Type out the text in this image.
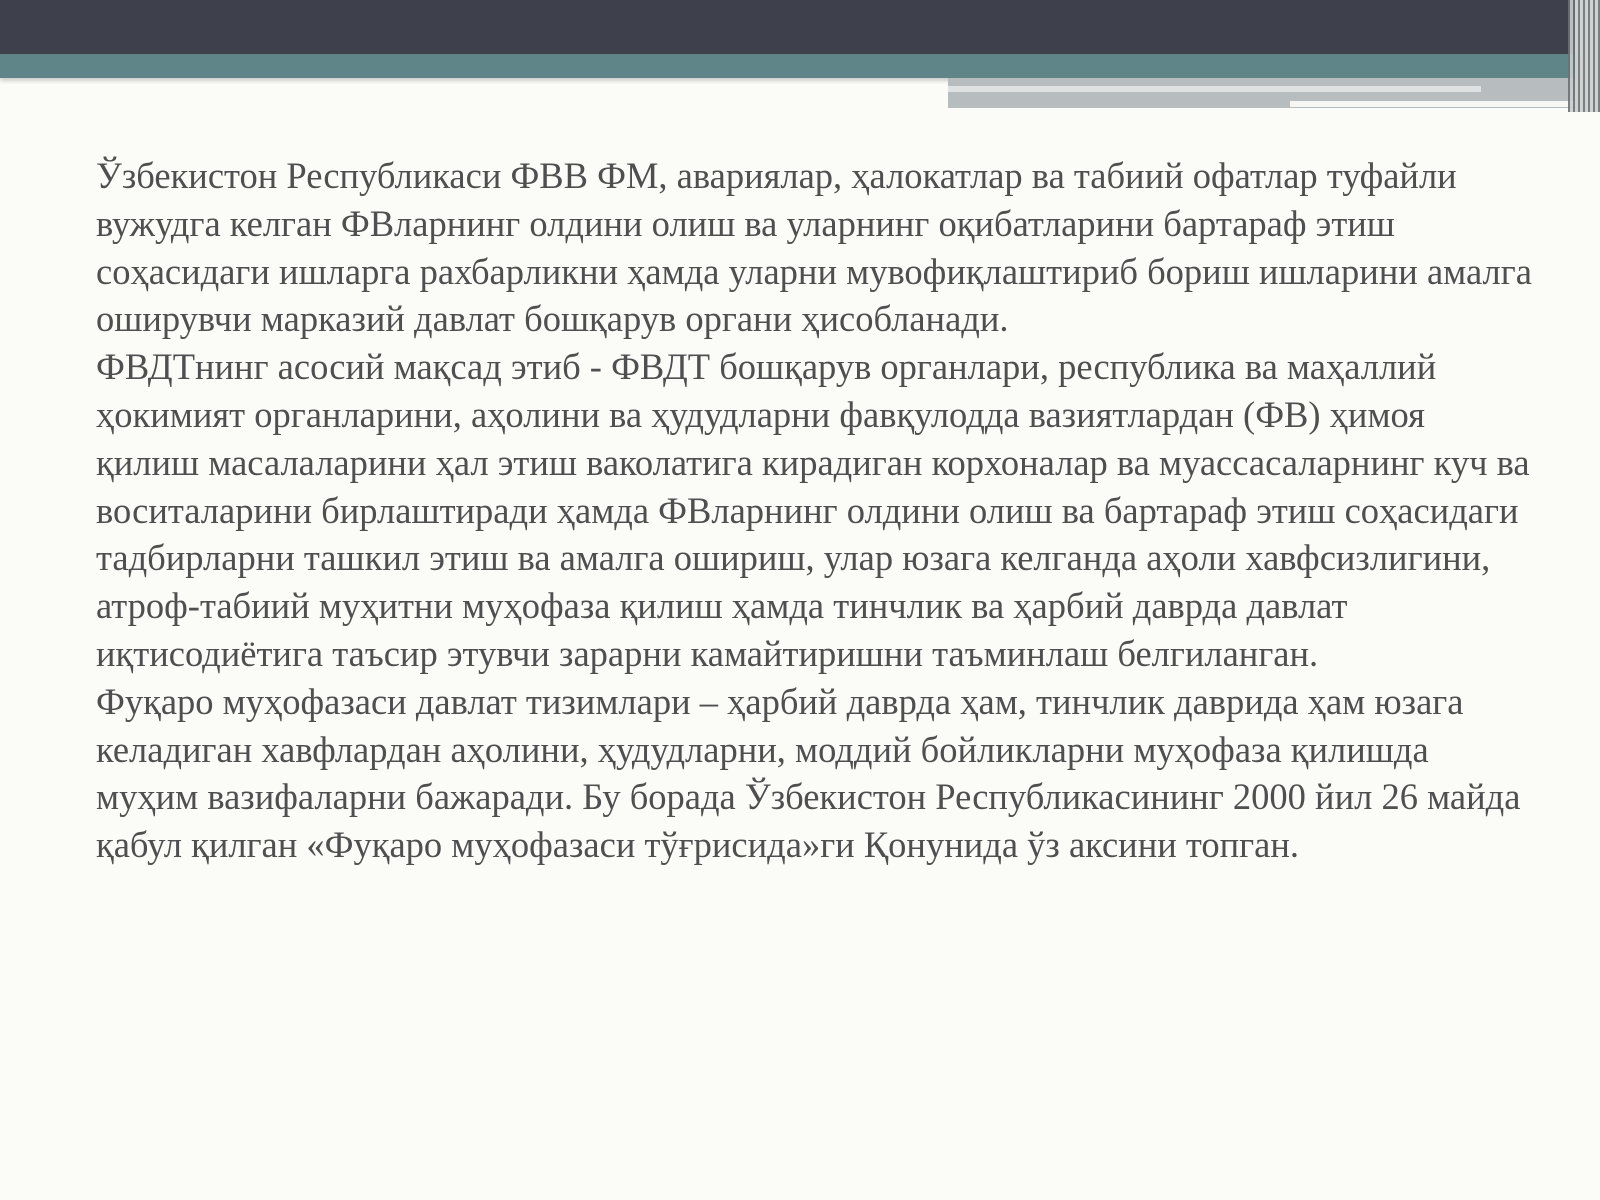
Ўзбекистон Республикаси ФВВ ФМ, авариялар, ҳалокатлар ва табиий офатлар туфайли вужудга келган ФВларнинг олдини олиш ва уларнинг оқибатларини бартараф этиш соҳасидаги ишларга рахбарликни ҳамда уларни мувофиқлаштириб бориш ишларини амалга оширувчи марказий давлат бошқарув органи ҳисобланади.

ФВДТнинг асосий мақсад этиб - ФВДТ бошқарув органлари, республика ва маҳаллий ҳокимият органларини, аҳолини ва ҳудудларни фавқулодда вазиятлардан (ФВ) ҳимоя қилиш масалаларини ҳал этиш ваколатига кирадиган корхоналар ва муассасаларнинг куч ва воситаларини бирлаштиради ҳамда ФВларнинг олдини олиш ва бартараф этиш соҳасидаги тадбирларни ташкил этиш ва амалга ошириш, улар юзага келганда аҳоли хавфсизлигини, атроф-табиий муҳитни муҳофаза қилиш ҳамда тинчлик ва ҳарбий даврда давлат иқтисодиётига таъсир этувчи зарарни камайтиришни таъминлаш белгиланган.

Фуқаро муҳофазаси давлат тизимлари – ҳарбий даврда ҳам, тинчлик даврида ҳам юзага келадиган хавфлардан аҳолини, ҳудудларни, моддий бойликларни муҳофаза қилишда муҳим вазифаларни бажаради. Бу борада Ўзбекистон Республикасининг 2000 йил 26 майда қабул қилган «Фуқаро муҳофазаси тўғрисида»ги Қонунида ўз аксини топган.
